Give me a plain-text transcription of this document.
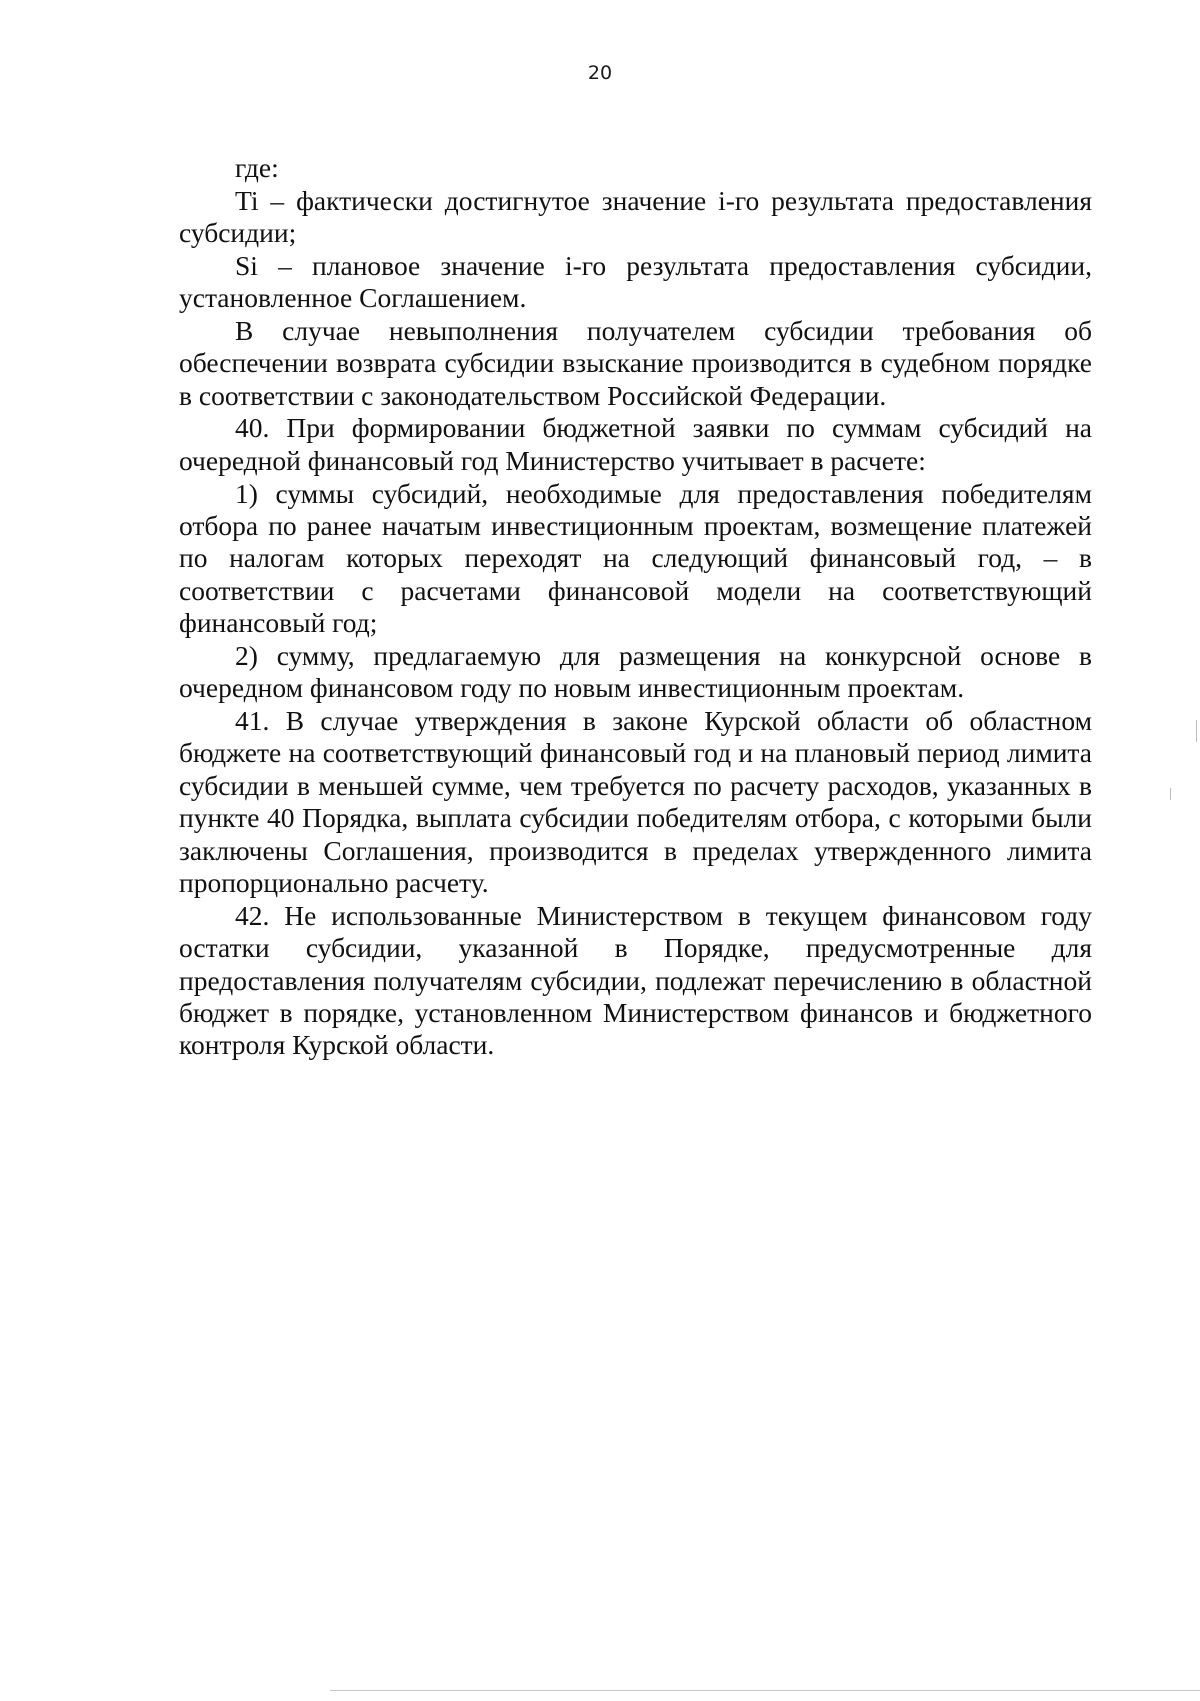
20

где:

Ti – фактически достигнутое значение i-го результата предоставления субсидии;

Si – плановое значение i-го результата предоставления субсидии, установленное Соглашением.

В случае невыполнения получателем субсидии требования об обеспечении возврата субсидии взыскание производится в судебном порядке в соответствии с законодательством Российской Федерации.

40. При формировании бюджетной заявки по суммам субсидий на очередной финансовый год Министерство учитывает в расчете:

1) суммы субсидий, необходимые для предоставления победителям отбора по ранее начатым инвестиционным проектам, возмещение платежей по налогам которых переходят на следующий финансовый год, – в соответствии с расчетами финансовой модели на соответствующий финансовый год;

2) сумму, предлагаемую для размещения на конкурсной основе в очередном финансовом году по новым инвестиционным проектам.

41. В случае утверждения в законе Курской области об областном бюджете на соответствующий финансовый год и на плановый период лимита субсидии в меньшей сумме, чем требуется по расчету расходов, указанных в пункте 40 Порядка, выплата субсидии победителям отбора, с которыми были заключены Соглашения, производится в пределах утвержденного лимита пропорционально расчету.

42. Не использованные Министерством в текущем финансовом году остатки субсидии, указанной в Порядке, предусмотренные для предоставления получателям субсидии, подлежат перечислению в областной бюджет в порядке, установленном Министерством финансов и бюджетного контроля Курской области.
